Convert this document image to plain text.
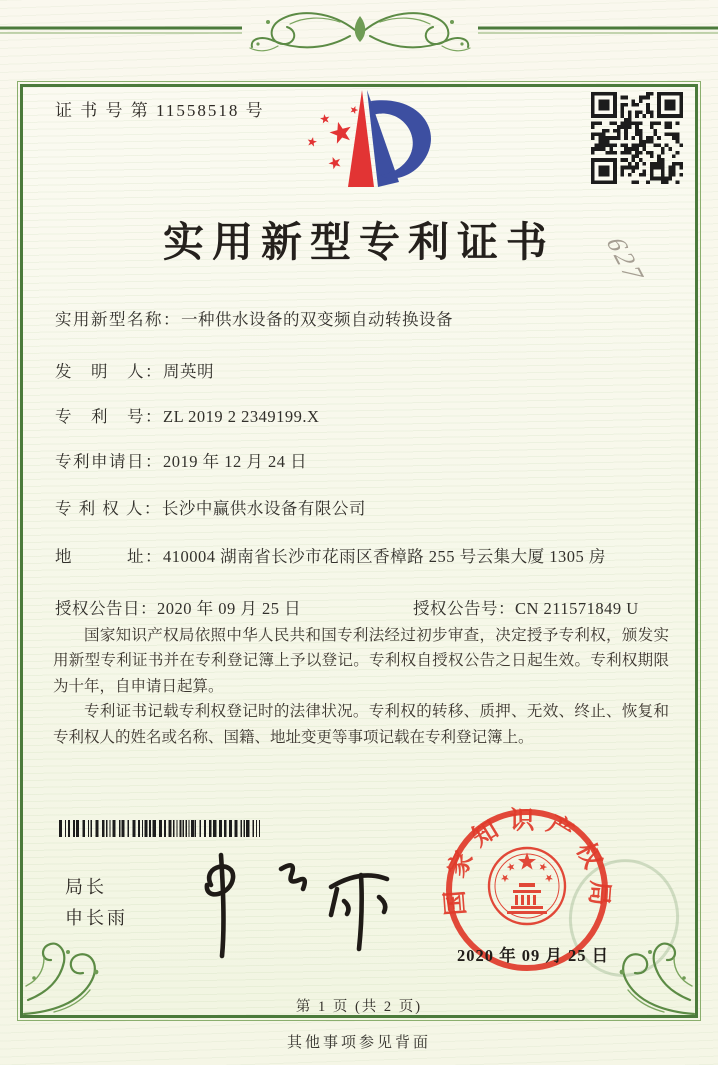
证 书 号 第 11558518 号
实用新型专利证书	627
实用新型名称：一种供水设备的双变频自动转换设备
发　明　人：周英明
专　利　号：ZL 2019 2 2349199.X
专利申请日：2019 年 12 月 24 日
专 利 权 人：长沙中赢供水设备有限公司
地　　　址：410004 湖南省长沙市花雨区香樟路 255 号云集大厦 1305 房
授权公告日：2020 年 09 月 25 日	授权公告号：CN 211571849 U

国家知识产权局依照中华人民共和国专利法经过初步审查，决定授予专利权，颁发实用新型专利证书并在专利登记簿上予以登记。专利权自授权公告之日起生效。专利权期限为十年，自申请日起算。

专利证书记载专利权登记时的法律状况。专利权的转移、质押、无效、终止、恢复和专利权人的姓名或名称、国籍、地址变更等事项记载在专利登记簿上。

局长
申长雨
国家知识产权局
2020 年 09 月 25 日
第 1 页 (共 2 页)
其他事项参见背面
